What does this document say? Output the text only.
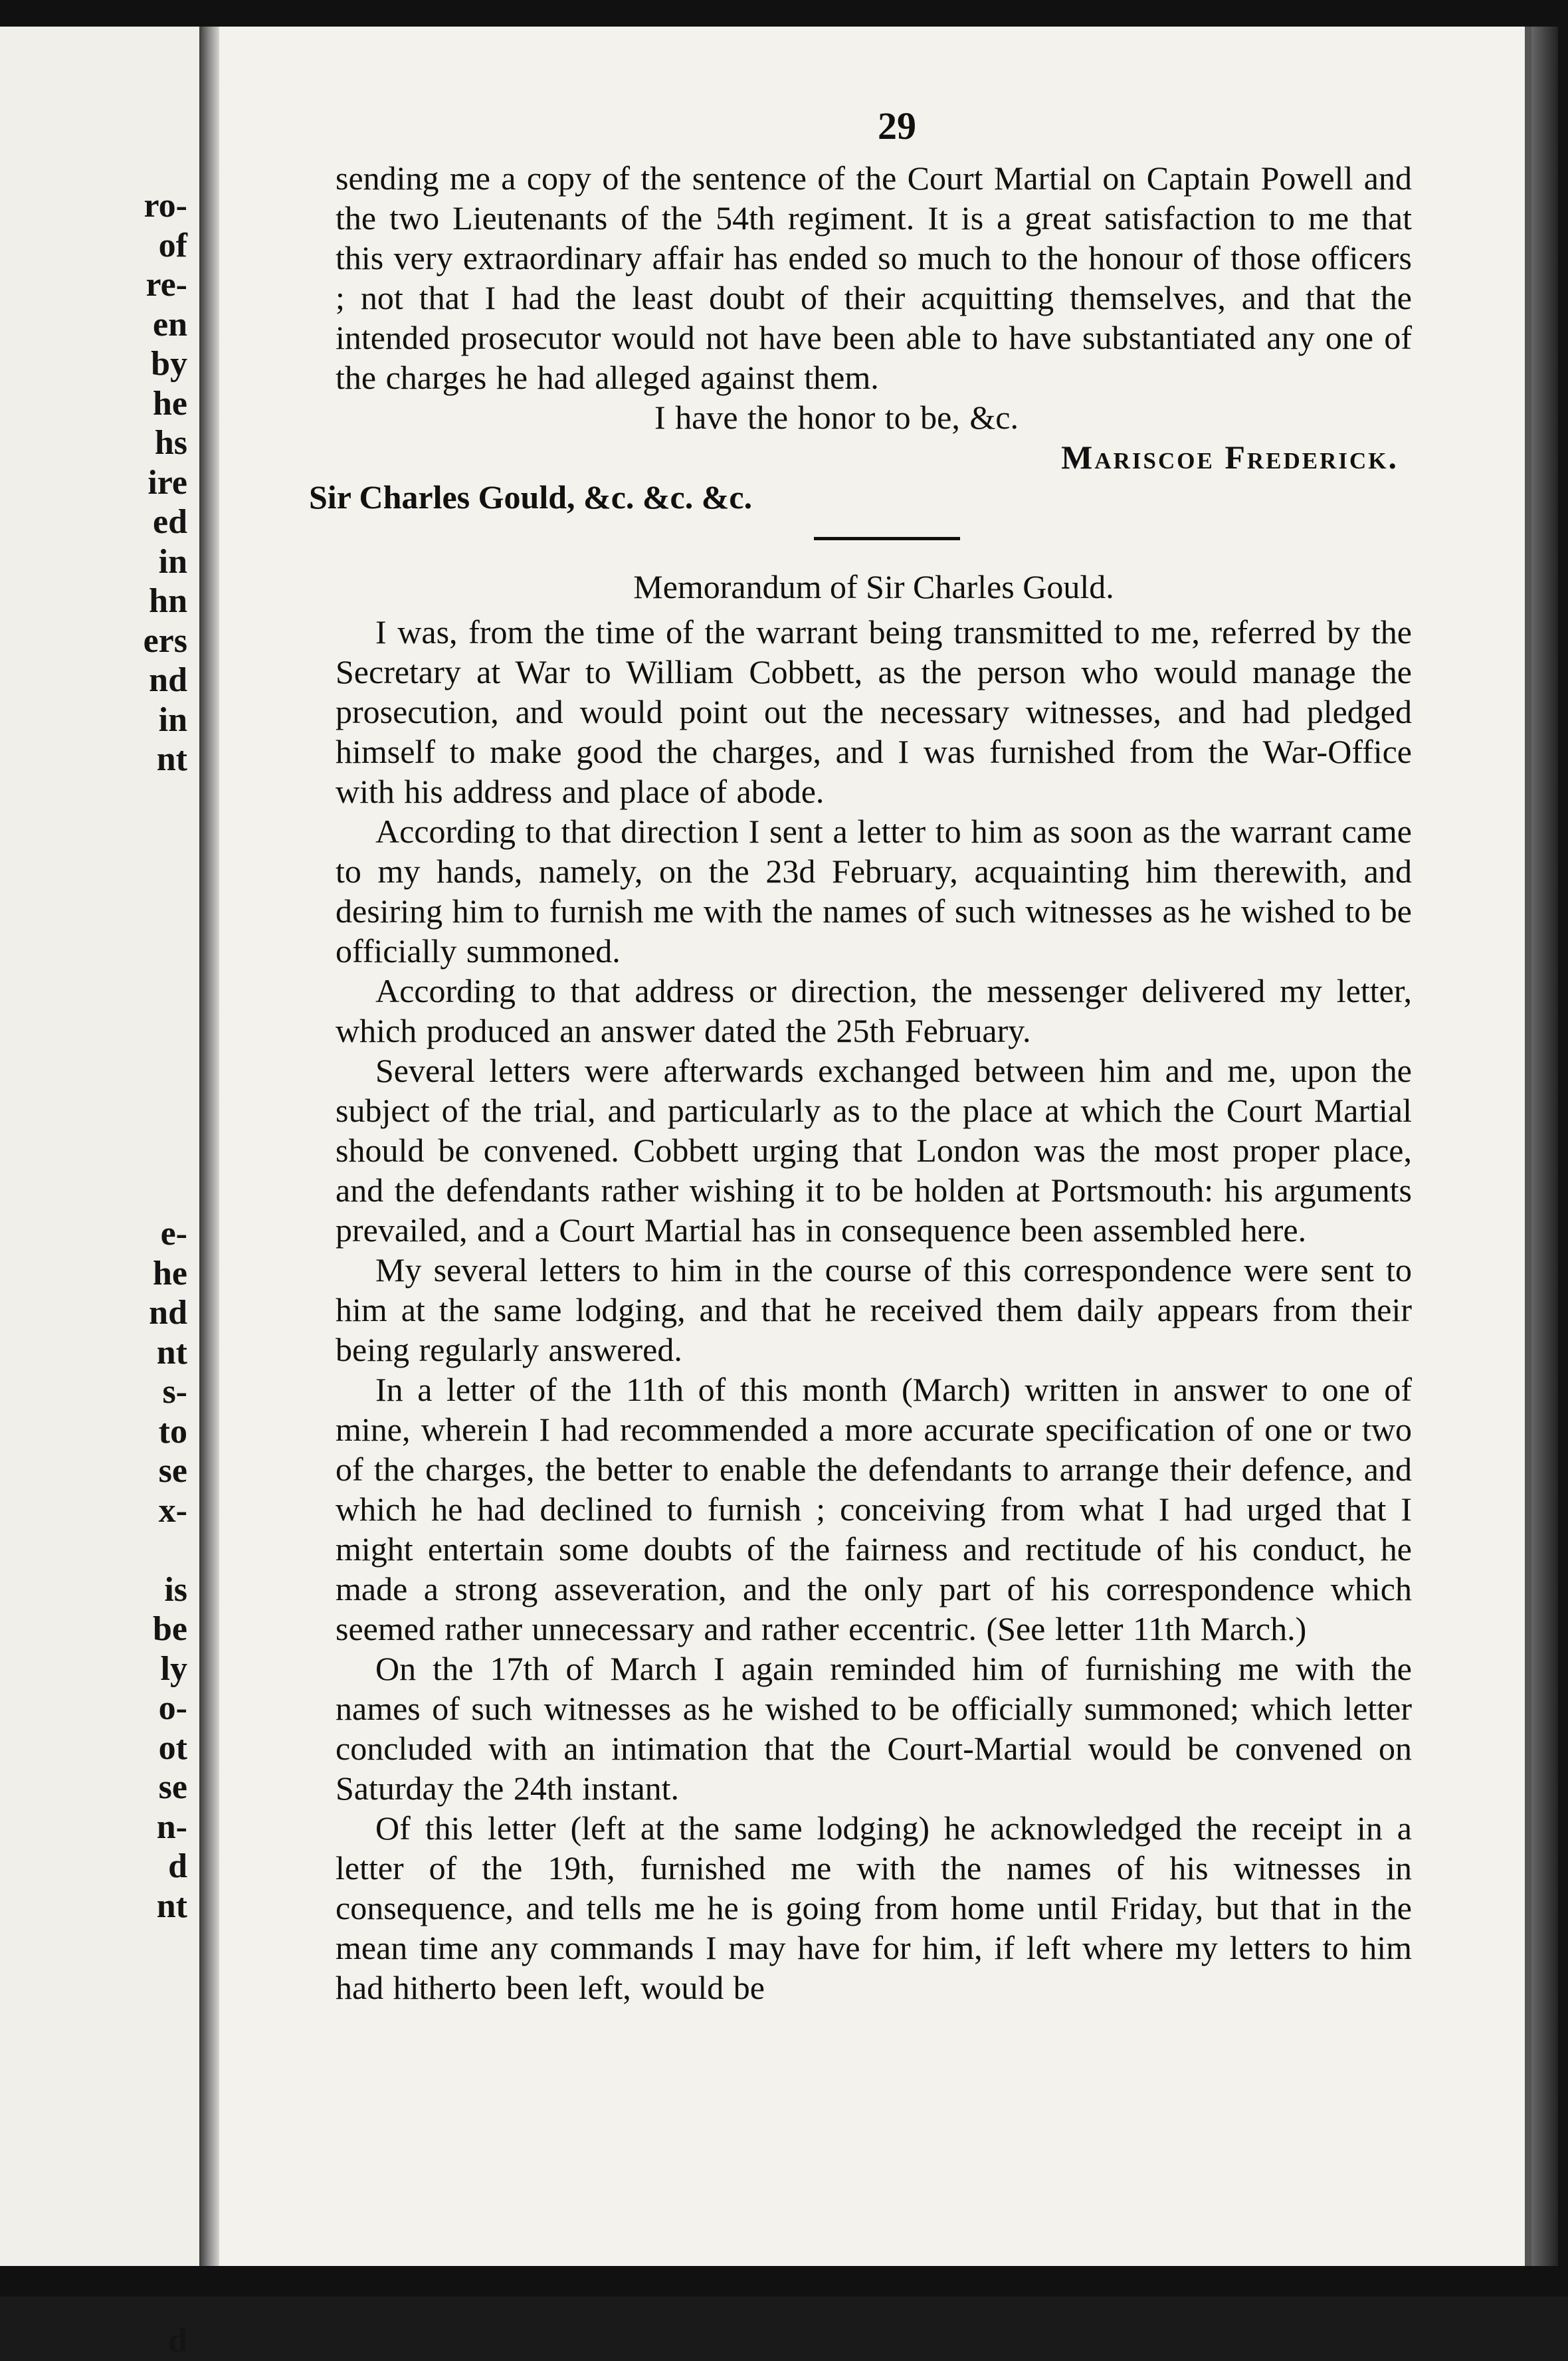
ro-
of
re-
en
by
he
hs
ire
ed
in
hn
ers
nd
in
nt

e-
he
nd
nt
s-
to
se
x-

is
be
ly
o-
ot
se
n-
d
nt

d
29

sending me a copy of the sentence of the Court Martial on Captain Powell and the two Lieutenants of the 54th regiment. It is a great satisfaction to me that this very extraordinary affair has ended so much to the honour of those officers ; not that I had the least doubt of their acquitting themselves, and that the intended prosecutor would not have been able to have substantiated any one of the charges he had alleged against them.

I have the honor to be, &c.

Mariscoe Frederick.
Sir Charles Gould, &c. &c. &c.
Memorandum of Sir Charles Gould.

I was, from the time of the warrant being transmitted to me, referred by the Secretary at War to William Cobbett, as the person who would manage the prosecution, and would point out the necessary witnesses, and had pledged himself to make good the charges, and I was furnished from the War-Office with his address and place of abode.

According to that direction I sent a letter to him as soon as the warrant came to my hands, namely, on the 23d February, acquainting him therewith, and desiring him to furnish me with the names of such witnesses as he wished to be officially summoned.

According to that address or direction, the messenger delivered my letter, which produced an answer dated the 25th February.

Several letters were afterwards exchanged between him and me, upon the subject of the trial, and particularly as to the place at which the Court Martial should be convened. Cobbett urging that London was the most proper place, and the defendants rather wishing it to be holden at Portsmouth: his arguments prevailed, and a Court Martial has in consequence been assembled here.

My several letters to him in the course of this correspondence were sent to him at the same lodging, and that he received them daily appears from their being regularly answered.

In a letter of the 11th of this month (March) written in answer to one of mine, wherein I had recommended a more accurate specification of one or two of the charges, the better to enable the defendants to arrange their defence, and which he had declined to furnish ; conceiving from what I had urged that I might entertain some doubts of the fairness and rectitude of his conduct, he made a strong asseveration, and the only part of his correspondence which seemed rather unnecessary and rather eccentric. (See letter 11th March.)

On the 17th of March I again reminded him of furnishing me with the names of such witnesses as he wished to be officially summoned; which letter concluded with an intimation that the Court-Martial would be convened on Saturday the 24th instant.

Of this letter (left at the same lodging) he acknowledged the receipt in a letter of the 19th, furnished me with the names of his witnesses in consequence, and tells me he is going from home until Friday, but that in the mean time any commands I may have for him, if left where my letters to him had hitherto been left, would be
